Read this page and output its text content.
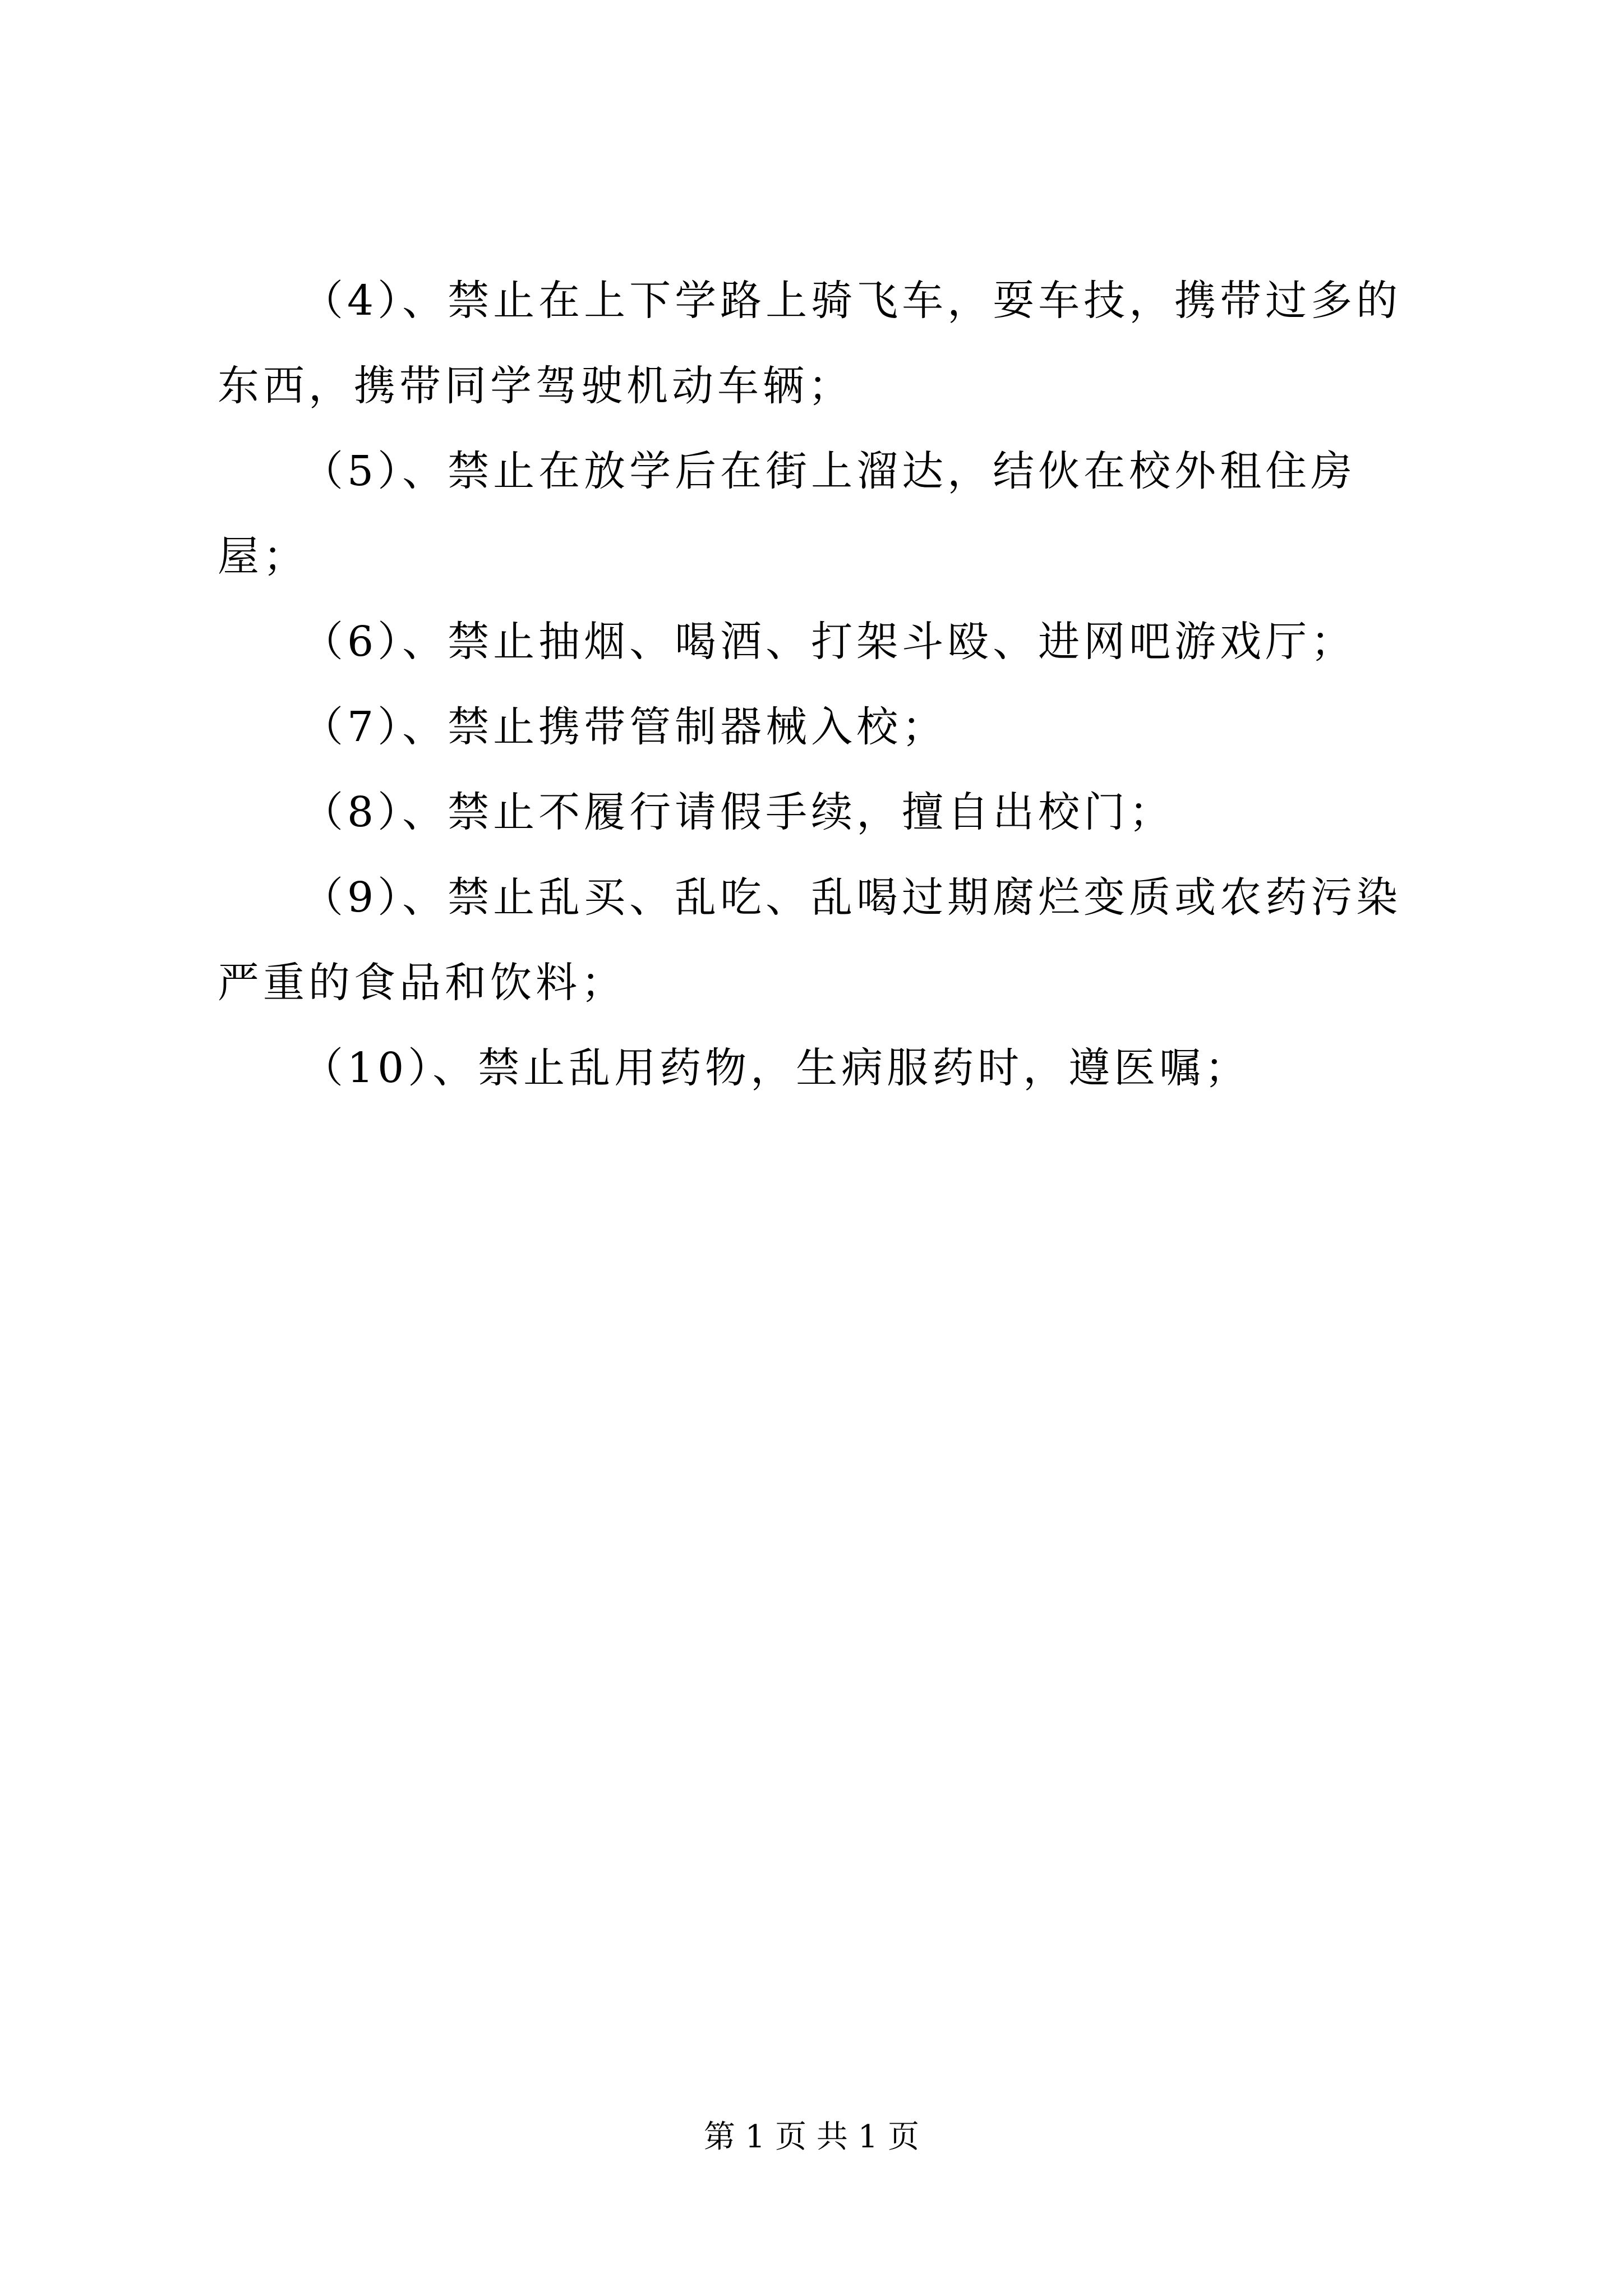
（4）、禁止在上下学路上骑飞车，耍车技，携带过多的东西，携带同学驾驶机动车辆；

（5）、禁止在放学后在街上溜达，结伙在校外租住房屋；

（6）、禁止抽烟、喝酒、打架斗殴、进网吧游戏厅；

（7）、禁止携带管制器械入校；

（8）、禁止不履行请假手续，擅自出校门；

（9）、禁止乱买、乱吃、乱喝过期腐烂变质或农药污染严重的食品和饮料；

（10）、禁止乱用药物，生病服药时，遵医嘱；

第 1 页 共 1 页
